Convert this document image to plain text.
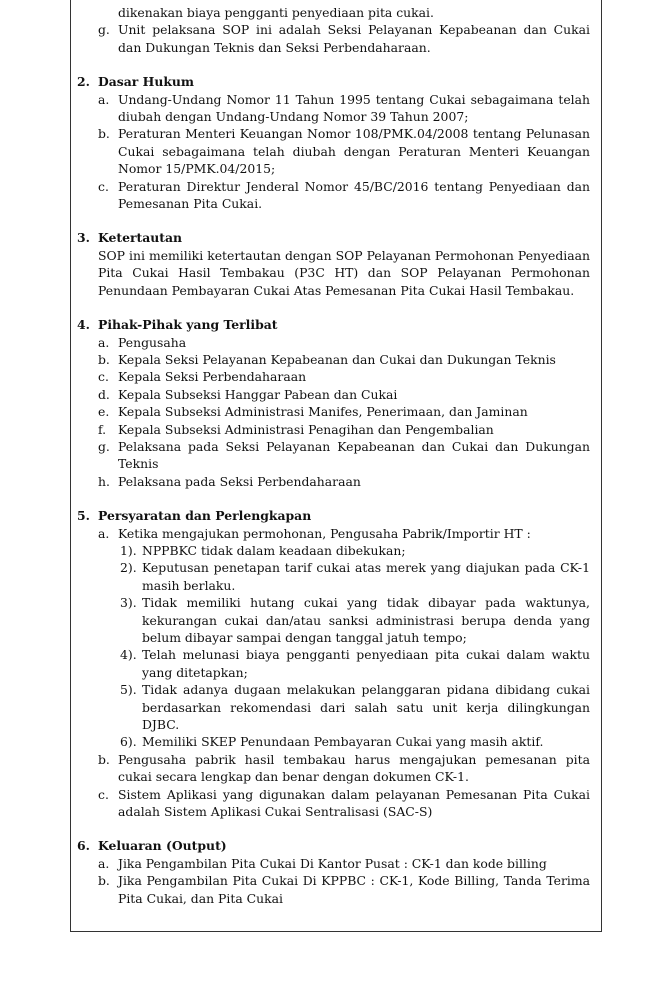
dikenakan biaya pengganti penyediaan pita cukai.
g. Unit pelaksana SOP ini adalah Seksi Pelayanan Kepabeanan dan Cukai dan Dukungan Teknis dan Seksi Perbendaharaan.
2. Dasar Hukum
a. Undang-Undang Nomor 11 Tahun 1995 tentang Cukai sebagaimana telah diubah dengan Undang-Undang Nomor 39 Tahun 2007;
b. Peraturan Menteri Keuangan Nomor 108/PMK.04/2008 tentang Pelunasan Cukai sebagaimana telah diubah dengan Peraturan Menteri Keuangan Nomor 15/PMK.04/2015;
c. Peraturan Direktur Jenderal Nomor 45/BC/2016 tentang Penyediaan dan Pemesanan Pita Cukai.
3. Ketertautan
SOP ini memiliki ketertautan dengan SOP Pelayanan Permohonan Penyediaan Pita Cukai Hasil Tembakau (P3C HT) dan SOP Pelayanan Permohonan Penundaan Pembayaran Cukai Atas Pemesanan Pita Cukai Hasil Tembakau.
4. Pihak-Pihak yang Terlibat
a. Pengusaha
b. Kepala Seksi Pelayanan Kepabeanan dan Cukai dan Dukungan Teknis
c. Kepala Seksi Perbendaharaan
d. Kepala Subseksi Hanggar Pabean dan Cukai
e. Kepala Subseksi Administrasi Manifes, Penerimaan, dan Jaminan
f. Kepala Subseksi Administrasi Penagihan dan Pengembalian
g. Pelaksana pada Seksi Pelayanan Kepabeanan dan Cukai dan Dukungan Teknis
h. Pelaksana pada Seksi Perbendaharaan
5. Persyaratan dan Perlengkapan
a. Ketika mengajukan permohonan, Pengusaha Pabrik/Importir HT :
1). NPPBKC tidak dalam keadaan dibekukan;
2). Keputusan penetapan tarif cukai atas merek yang diajukan pada CK-1 masih berlaku.
3). Tidak memiliki hutang cukai yang tidak dibayar pada waktunya, kekurangan cukai dan/atau sanksi administrasi berupa denda yang belum dibayar sampai dengan tanggal jatuh tempo;
4). Telah melunasi biaya pengganti penyediaan pita cukai dalam waktu yang ditetapkan;
5). Tidak adanya dugaan melakukan pelanggaran pidana dibidang cukai berdasarkan rekomendasi dari salah satu unit kerja dilingkungan DJBC.
6). Memiliki SKEP Penundaan Pembayaran Cukai yang masih aktif.
b. Pengusaha pabrik hasil tembakau harus mengajukan pemesanan pita cukai secara lengkap dan benar dengan dokumen CK-1.
c. Sistem Aplikasi yang digunakan dalam pelayanan Pemesanan Pita Cukai adalah Sistem Aplikasi Cukai Sentralisasi (SAC-S)
6. Keluaran (Output)
a. Jika Pengambilan Pita Cukai Di Kantor Pusat : CK-1 dan kode billing
b. Jika Pengambilan Pita Cukai Di KPPBC : CK-1, Kode Billing, Tanda Terima Pita Cukai, dan Pita Cukai
